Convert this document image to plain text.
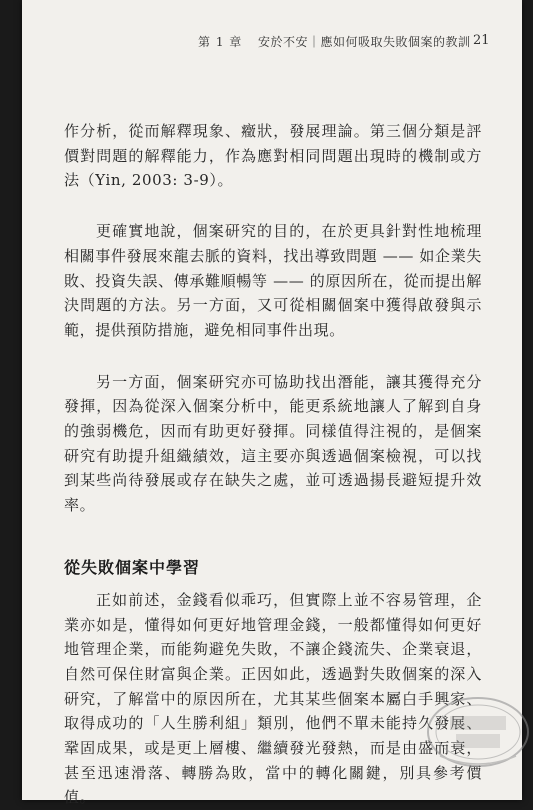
第 1 章 安於不安｜應如何吸取失敗個案的教訓 21

作分析，從而解釋現象、癥狀，發展理論。第三個分類是評價對問題的解釋能力，作為應對相同問題出現時的機制或方法（Yin, 2003: 3-9）。

更確實地說，個案研究的目的，在於更具針對性地梳理相關事件發展來龍去脈的資料，找出導致問題 —— 如企業失敗、投資失誤、傳承難順暢等 —— 的原因所在，從而提出解決問題的方法。另一方面，又可從相關個案中獲得啟發與示範，提供預防措施，避免相同事件出現。

另一方面，個案研究亦可協助找出潛能，讓其獲得充分發揮，因為從深入個案分析中，能更系統地讓人了解到自身的強弱機危，因而有助更好發揮。同樣值得注視的，是個案研究有助提升組織績效，這主要亦與透過個案檢視，可以找到某些尚待發展或存在缺失之處，並可透過揚長避短提升效率。

從失敗個案中學習

正如前述，金錢看似乖巧，但實際上並不容易管理，企業亦如是，懂得如何更好地管理金錢，一般都懂得如何更好地管理企業，而能夠避免失敗，不讓企錢流失、企業衰退，自然可保住財富與企業。正因如此，透過對失敗個案的深入研究，了解當中的原因所在，尤其某些個案本屬白手興家、取得成功的「人生勝利組」類別，他們不單未能持久發展、鞏固成果，或是更上層樓、繼續發光發熱，而是由盛而衰，甚至迅速滑落、轉勝為敗，當中的轉化關鍵，別具參考價值。
